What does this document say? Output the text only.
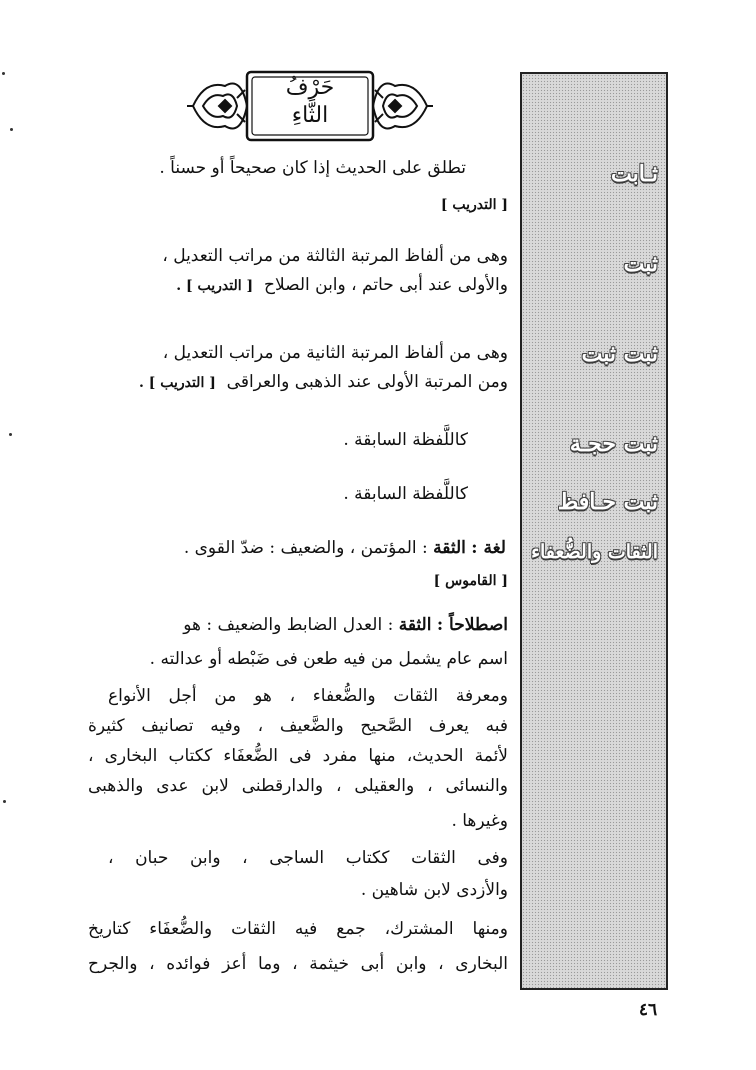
حَرْفُ
الثَّاءِ
ثـابت
ثبت
ثبت ثبت
ثبت حجـة
ثبت حـافظ
الثقات والضُّعفاء
تطلق على الحديث إذا كان صحيحاً أو حسناً .
[ التدريب ]
وهى من ألفاظ المرتبة الثالثة من مراتب التعديل ،
والأولى عند أبى حاتم ، وابن الصلاح  [ التدريب ] .
وهى من ألفاظ المرتبة الثانية من مراتب التعديل ،
ومن المرتبة الأولى عند الذهبى والعراقى  [ التدريب ] .
كاللَّفظة السابقة .
كاللَّفظة السابقة .
لغة : الثقة : المؤتمن ، والضعيف : ضدّ القوى .
[ القاموس ]
اصطلاحاً : الثقة : العدل الضابط والضعيف : هو
اسم عام يشمل من فيه طعن فى ضَبْطه أو عدالته .
ومعرفة الثقات والضُّعفاء ، هو من أجل الأنواع
فبه يعرف الصَّحيح والضَّعيف ، وفيه تصانيف كثيرة
لأئمة الحديث، منها مفرد فى الضُّعفَاء ككتاب البخارى ،
والنسائى ، والعقيلى ، والدارقطنى لابن عدى والذهبى
وغيرها .
وفى الثقات ككتاب الساجى ، وابن حبان ،
والأزدى لابن شاهين .
ومنها المشترك، جمع فيه الثقات والضُّعفَاء كتاريخ
البخارى ، وابن أبى خيثمة ، وما أعز فوائده ، والجرح
٤٦
